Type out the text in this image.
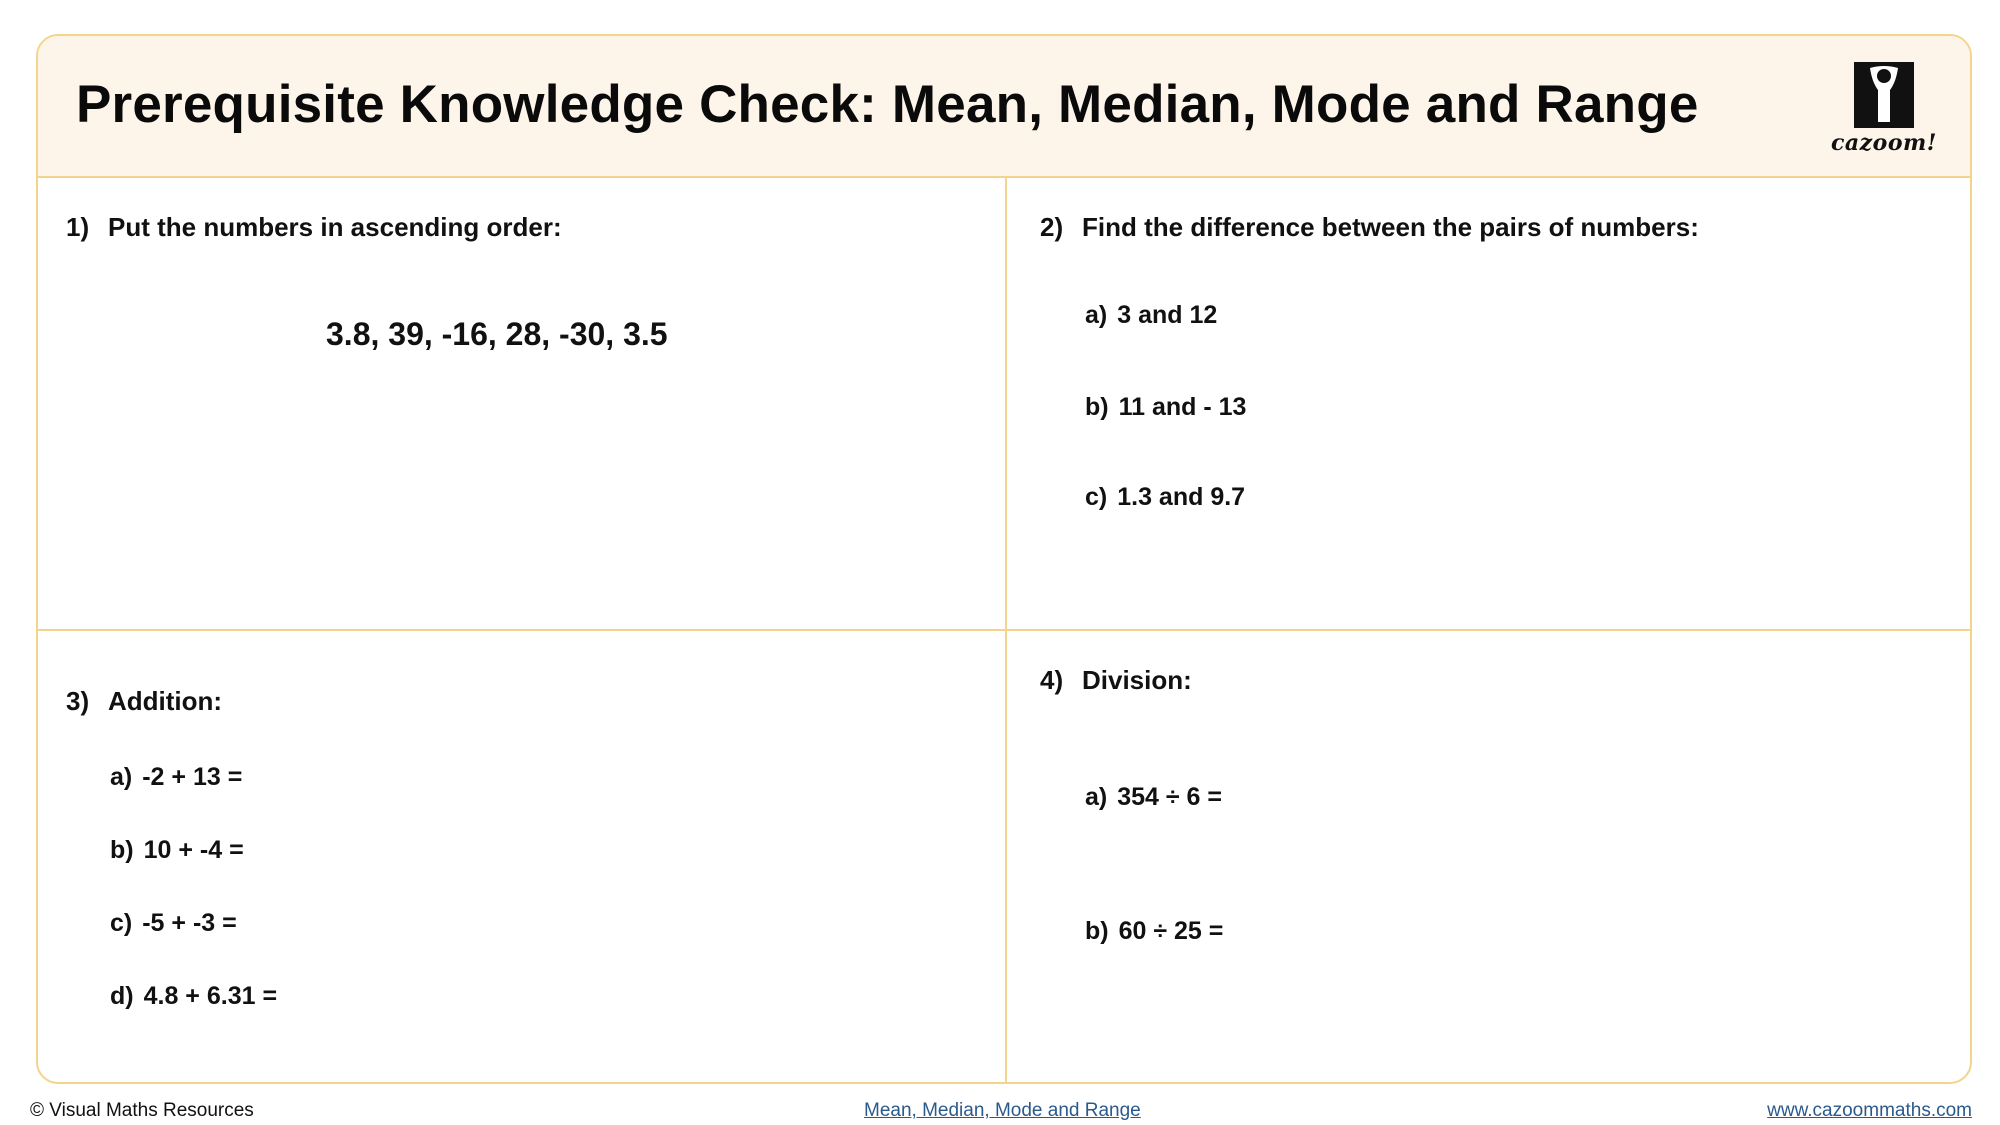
Prerequisite Knowledge Check: Mean, Median, Mode and Range
cazoom!
1) Put the numbers in ascending order:
3.8, 39, -16, 28, -30, 3.5
2) Find the difference between the pairs of numbers:
a) 3 and 12
b) 11 and - 13
c) 1.3 and 9.7
3) Addition:
a) -2 + 13 =
b) 10 + -4 =
c) -5 + -3 =
d) 4.8 + 6.31 =
4) Division:
a) 354 ÷ 6 =
b) 60 ÷ 25 =
© Visual Maths Resources	Mean, Median, Mode and Range	www.cazoommaths.com
